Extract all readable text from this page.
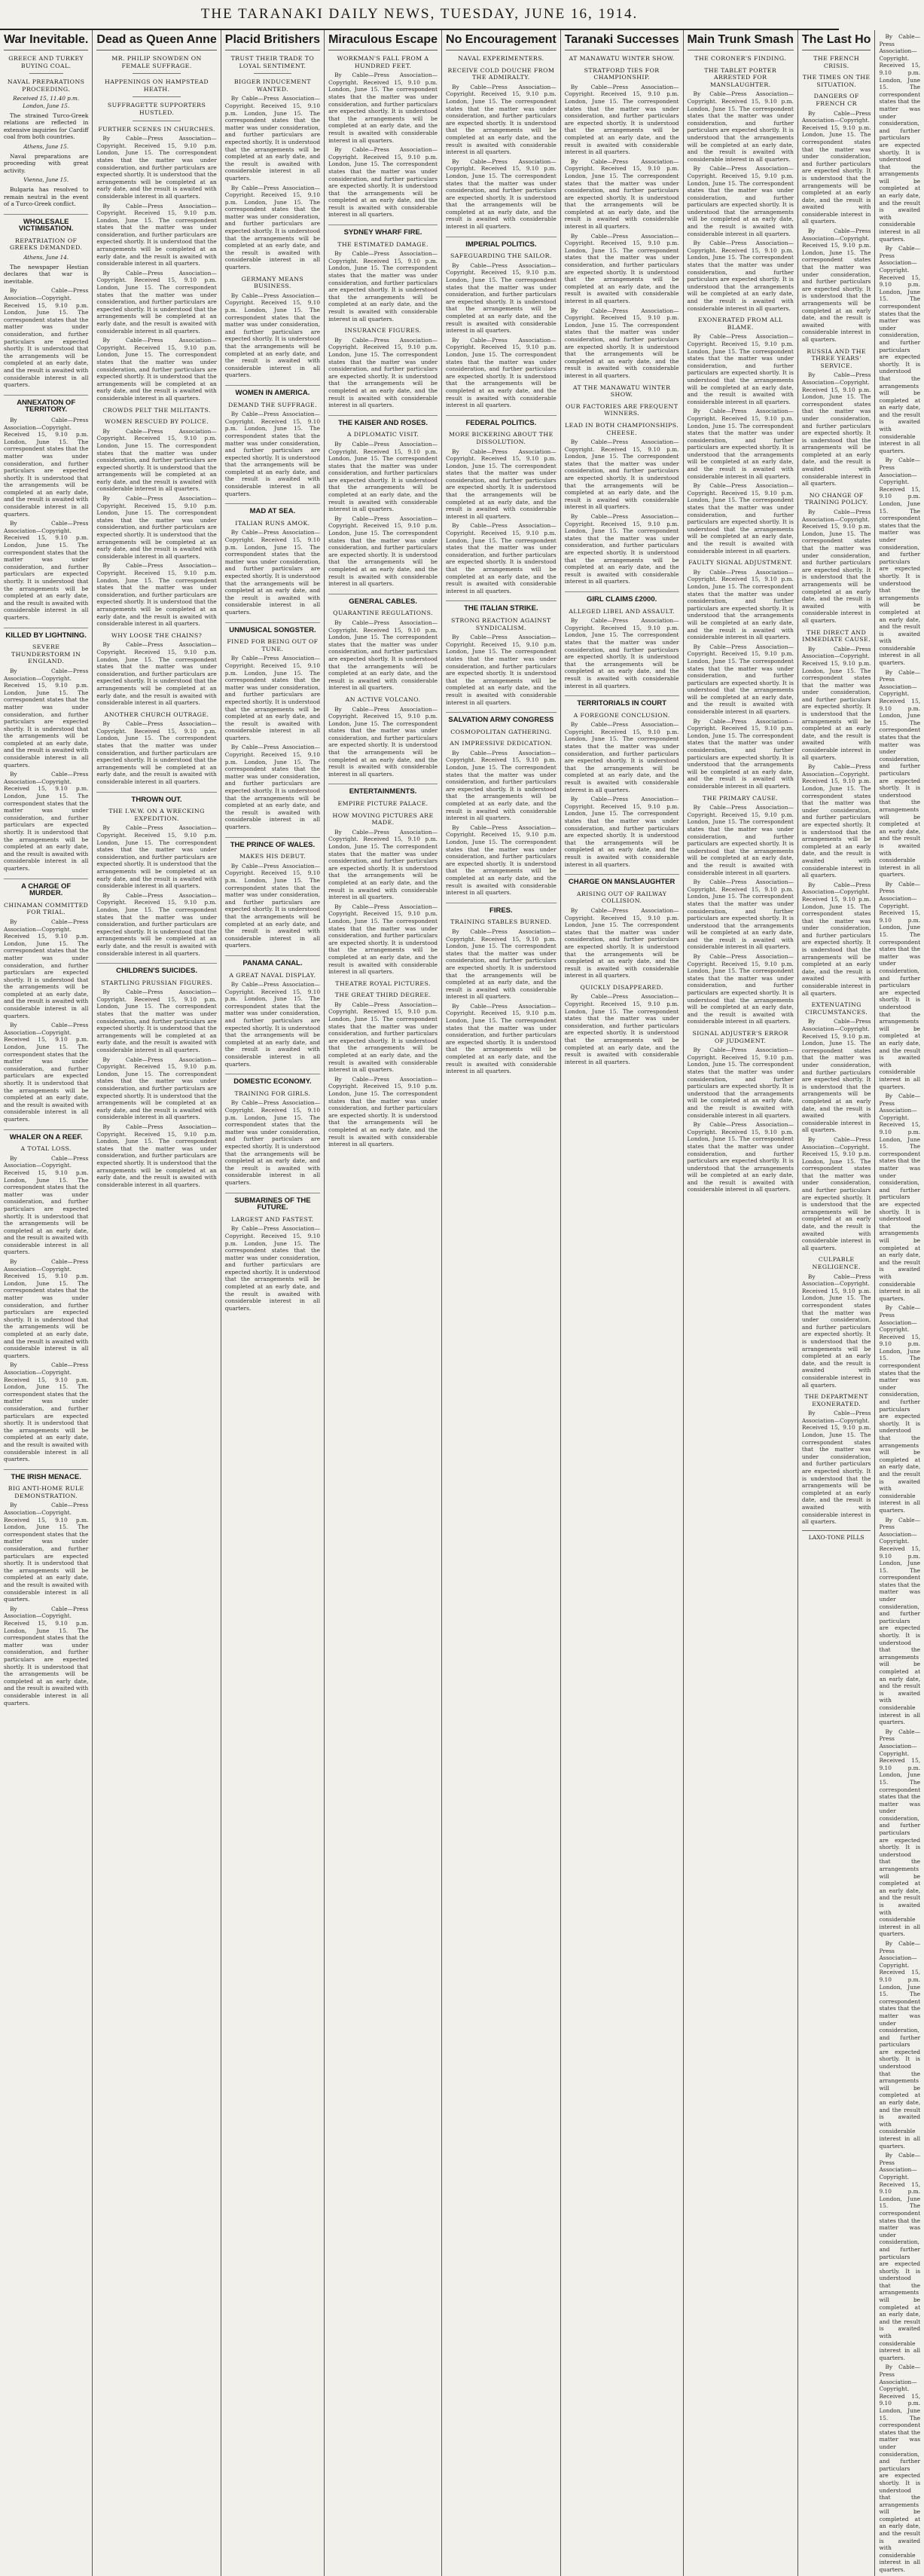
THE TARANAKI DAILY NEWS, TUESDAY, JUNE 16, 1914.
War Inevitable.
GREECE AND TURKEY BUYING COAL.
NAVAL PREPARATIONS PROCEEDING.
Received 15, 11.40 p.m. London, June 15.

The strained Turco-Greek relations are reflected in extensive inquiries for Cardiff coal from both countries.

Athens, June 15.

Naval preparations are proceeding with great activity.

Vienna, June 15.

Bulgaria has resolved to remain neutral in the event of a Turco-Greek conflict.

WHOLESALE VICTIMISATION.
REPATRIATION OF GREEKS DEMANDED.
Athens, June 14.

The newspaper Hestian declares that war is inevitable.

By Cable—Press Association—Copyright. Received 15, 9.10 p.m. London, June 15. The correspondent states that the matter was under consideration, and further particulars are expected shortly. It is understood that the arrangements will be completed at an early date, and the result is awaited with considerable interest in all quarters.

ANNEXATION OF TERRITORY.

By Cable—Press Association—Copyright. Received 15, 9.10 p.m. London, June 15. The correspondent states that the matter was under consideration, and further particulars are expected shortly. It is understood that the arrangements will be completed at an early date, and the result is awaited with considerable interest in all quarters.

By Cable—Press Association—Copyright. Received 15, 9.10 p.m. London, June 15. The correspondent states that the matter was under consideration, and further particulars are expected shortly. It is understood that the arrangements will be completed at an early date, and the result is awaited with considerable interest in all quarters.

KILLED BY LIGHTNING.
SEVERE THUNDERSTORM IN ENGLAND.

By Cable—Press Association—Copyright. Received 15, 9.10 p.m. London, June 15. The correspondent states that the matter was under consideration, and further particulars are expected shortly. It is understood that the arrangements will be completed at an early date, and the result is awaited with considerable interest in all quarters.

By Cable—Press Association—Copyright. Received 15, 9.10 p.m. London, June 15. The correspondent states that the matter was under consideration, and further particulars are expected shortly. It is understood that the arrangements will be completed at an early date, and the result is awaited with considerable interest in all quarters.

A CHARGE OF MURDER.
CHINAMAN COMMITTED FOR TRIAL.

By Cable—Press Association—Copyright. Received 15, 9.10 p.m. London, June 15. The correspondent states that the matter was under consideration, and further particulars are expected shortly. It is understood that the arrangements will be completed at an early date, and the result is awaited with considerable interest in all quarters.

By Cable—Press Association—Copyright. Received 15, 9.10 p.m. London, June 15. The correspondent states that the matter was under consideration, and further particulars are expected shortly. It is understood that the arrangements will be completed at an early date, and the result is awaited with considerable interest in all quarters.

WHALER ON A REEF.
A TOTAL LOSS.

By Cable—Press Association—Copyright. Received 15, 9.10 p.m. London, June 15. The correspondent states that the matter was under consideration, and further particulars are expected shortly. It is understood that the arrangements will be completed at an early date, and the result is awaited with considerable interest in all quarters.

By Cable—Press Association—Copyright. Received 15, 9.10 p.m. London, June 15. The correspondent states that the matter was under consideration, and further particulars are expected shortly. It is understood that the arrangements will be completed at an early date, and the result is awaited with considerable interest in all quarters.

By Cable—Press Association—Copyright. Received 15, 9.10 p.m. London, June 15. The correspondent states that the matter was under consideration, and further particulars are expected shortly. It is understood that the arrangements will be completed at an early date, and the result is awaited with considerable interest in all quarters.

THE IRISH MENACE.
BIG ANTI-HOME RULE DEMONSTRATION.

By Cable—Press Association—Copyright. Received 15, 9.10 p.m. London, June 15. The correspondent states that the matter was under consideration, and further particulars are expected shortly. It is understood that the arrangements will be completed at an early date, and the result is awaited with considerable interest in all quarters.

By Cable—Press Association—Copyright. Received 15, 9.10 p.m. London, June 15. The correspondent states that the matter was under consideration, and further particulars are expected shortly. It is understood that the arrangements will be completed at an early date, and the result is awaited with considerable interest in all quarters.

Dead as Queen Anne
MR. PHILIP SNOWDEN ON FEMALE SUFFRAGE.
HAPPENINGS ON HAMPSTEAD HEATH.
SUFFRAGETTE SUPPORTERS HUSTLED.
FURTHER SCENES IN CHURCHES.

By Cable—Press Association—Copyright. Received 15, 9.10 p.m. London, June 15. The correspondent states that the matter was under consideration, and further particulars are expected shortly. It is understood that the arrangements will be completed at an early date, and the result is awaited with considerable interest in all quarters.

By Cable—Press Association—Copyright. Received 15, 9.10 p.m. London, June 15. The correspondent states that the matter was under consideration, and further particulars are expected shortly. It is understood that the arrangements will be completed at an early date, and the result is awaited with considerable interest in all quarters.

By Cable—Press Association—Copyright. Received 15, 9.10 p.m. London, June 15. The correspondent states that the matter was under consideration, and further particulars are expected shortly. It is understood that the arrangements will be completed at an early date, and the result is awaited with considerable interest in all quarters.

By Cable—Press Association—Copyright. Received 15, 9.10 p.m. London, June 15. The correspondent states that the matter was under consideration, and further particulars are expected shortly. It is understood that the arrangements will be completed at an early date, and the result is awaited with considerable interest in all quarters.

CROWDS PELT THE MILITANTS.
WOMEN RESCUED BY POLICE.

By Cable—Press Association—Copyright. Received 15, 9.10 p.m. London, June 15. The correspondent states that the matter was under consideration, and further particulars are expected shortly. It is understood that the arrangements will be completed at an early date, and the result is awaited with considerable interest in all quarters.

By Cable—Press Association—Copyright. Received 15, 9.10 p.m. London, June 15. The correspondent states that the matter was under consideration, and further particulars are expected shortly. It is understood that the arrangements will be completed at an early date, and the result is awaited with considerable interest in all quarters.

By Cable—Press Association—Copyright. Received 15, 9.10 p.m. London, June 15. The correspondent states that the matter was under consideration, and further particulars are expected shortly. It is understood that the arrangements will be completed at an early date, and the result is awaited with considerable interest in all quarters.

WHY LOOSE THE CHAINS?

By Cable—Press Association—Copyright. Received 15, 9.10 p.m. London, June 15. The correspondent states that the matter was under consideration, and further particulars are expected shortly. It is understood that the arrangements will be completed at an early date, and the result is awaited with considerable interest in all quarters.

ANOTHER CHURCH OUTRAGE.

By Cable—Press Association—Copyright. Received 15, 9.10 p.m. London, June 15. The correspondent states that the matter was under consideration, and further particulars are expected shortly. It is understood that the arrangements will be completed at an early date, and the result is awaited with considerable interest in all quarters.

THROWN OUT.
THE I.W.W. ON A WRECKING EXPEDITION.

By Cable—Press Association—Copyright. Received 15, 9.10 p.m. London, June 15. The correspondent states that the matter was under consideration, and further particulars are expected shortly. It is understood that the arrangements will be completed at an early date, and the result is awaited with considerable interest in all quarters.

By Cable—Press Association—Copyright. Received 15, 9.10 p.m. London, June 15. The correspondent states that the matter was under consideration, and further particulars are expected shortly. It is understood that the arrangements will be completed at an early date, and the result is awaited with considerable interest in all quarters.

CHILDREN'S SUICIDES.
STARTLING PRUSSIAN FIGURES.

By Cable—Press Association—Copyright. Received 15, 9.10 p.m. London, June 15. The correspondent states that the matter was under consideration, and further particulars are expected shortly. It is understood that the arrangements will be completed at an early date, and the result is awaited with considerable interest in all quarters.

By Cable—Press Association—Copyright. Received 15, 9.10 p.m. London, June 15. The correspondent states that the matter was under consideration, and further particulars are expected shortly. It is understood that the arrangements will be completed at an early date, and the result is awaited with considerable interest in all quarters.

By Cable—Press Association—Copyright. Received 15, 9.10 p.m. London, June 15. The correspondent states that the matter was under consideration, and further particulars are expected shortly. It is understood that the arrangements will be completed at an early date, and the result is awaited with considerable interest in all quarters.

Placid Britishers
TRUST THEIR TRADE TO LOYAL SENTIMENT.
BIGGER INDUCEMENT WANTED.

By Cable—Press Association—Copyright. Received 15, 9.10 p.m. London, June 15. The correspondent states that the matter was under consideration, and further particulars are expected shortly. It is understood that the arrangements will be completed at an early date, and the result is awaited with considerable interest in all quarters.

By Cable—Press Association—Copyright. Received 15, 9.10 p.m. London, June 15. The correspondent states that the matter was under consideration, and further particulars are expected shortly. It is understood that the arrangements will be completed at an early date, and the result is awaited with considerable interest in all quarters.

GERMANY MEANS BUSINESS.

By Cable—Press Association—Copyright. Received 15, 9.10 p.m. London, June 15. The correspondent states that the matter was under consideration, and further particulars are expected shortly. It is understood that the arrangements will be completed at an early date, and the result is awaited with considerable interest in all quarters.

WOMEN IN AMERICA.
DEMAND THE SUFFRAGE.

By Cable—Press Association—Copyright. Received 15, 9.10 p.m. London, June 15. The correspondent states that the matter was under consideration, and further particulars are expected shortly. It is understood that the arrangements will be completed at an early date, and the result is awaited with considerable interest in all quarters.

MAD AT SEA.
ITALIAN RUNS AMOK.

By Cable—Press Association—Copyright. Received 15, 9.10 p.m. London, June 15. The correspondent states that the matter was under consideration, and further particulars are expected shortly. It is understood that the arrangements will be completed at an early date, and the result is awaited with considerable interest in all quarters.

UNMUSICAL SONGSTER.
FINED FOR BEING OUT OF TUNE.

By Cable—Press Association—Copyright. Received 15, 9.10 p.m. London, June 15. The correspondent states that the matter was under consideration, and further particulars are expected shortly. It is understood that the arrangements will be completed at an early date, and the result is awaited with considerable interest in all quarters.

By Cable—Press Association—Copyright. Received 15, 9.10 p.m. London, June 15. The correspondent states that the matter was under consideration, and further particulars are expected shortly. It is understood that the arrangements will be completed at an early date, and the result is awaited with considerable interest in all quarters.

THE PRINCE OF WALES.
MAKES HIS DEBUT.

By Cable—Press Association—Copyright. Received 15, 9.10 p.m. London, June 15. The correspondent states that the matter was under consideration, and further particulars are expected shortly. It is understood that the arrangements will be completed at an early date, and the result is awaited with considerable interest in all quarters.

PANAMA CANAL.
A GREAT NAVAL DISPLAY.

By Cable—Press Association—Copyright. Received 15, 9.10 p.m. London, June 15. The correspondent states that the matter was under consideration, and further particulars are expected shortly. It is understood that the arrangements will be completed at an early date, and the result is awaited with considerable interest in all quarters.

DOMESTIC ECONOMY.
TRAINING FOR GIRLS.

By Cable—Press Association—Copyright. Received 15, 9.10 p.m. London, June 15. The correspondent states that the matter was under consideration, and further particulars are expected shortly. It is understood that the arrangements will be completed at an early date, and the result is awaited with considerable interest in all quarters.

SUBMARINES OF THE FUTURE.
LARGEST AND FASTEST.

By Cable—Press Association—Copyright. Received 15, 9.10 p.m. London, June 15. The correspondent states that the matter was under consideration, and further particulars are expected shortly. It is understood that the arrangements will be completed at an early date, and the result is awaited with considerable interest in all quarters.

Miraculous Escape
WORKMAN'S FALL FROM A HUNDRED FEET.

By Cable—Press Association—Copyright. Received 15, 9.10 p.m. London, June 15. The correspondent states that the matter was under consideration, and further particulars are expected shortly. It is understood that the arrangements will be completed at an early date, and the result is awaited with considerable interest in all quarters.

By Cable—Press Association—Copyright. Received 15, 9.10 p.m. London, June 15. The correspondent states that the matter was under consideration, and further particulars are expected shortly. It is understood that the arrangements will be completed at an early date, and the result is awaited with considerable interest in all quarters.

SYDNEY WHARF FIRE.
THE ESTIMATED DAMAGE.

By Cable—Press Association—Copyright. Received 15, 9.10 p.m. London, June 15. The correspondent states that the matter was under consideration, and further particulars are expected shortly. It is understood that the arrangements will be completed at an early date, and the result is awaited with considerable interest in all quarters.

INSURANCE FIGURES.

By Cable—Press Association—Copyright. Received 15, 9.10 p.m. London, June 15. The correspondent states that the matter was under consideration, and further particulars are expected shortly. It is understood that the arrangements will be completed at an early date, and the result is awaited with considerable interest in all quarters.

THE KAISER AND ROSES.
A DIPLOMATIC VISIT.

By Cable—Press Association—Copyright. Received 15, 9.10 p.m. London, June 15. The correspondent states that the matter was under consideration, and further particulars are expected shortly. It is understood that the arrangements will be completed at an early date, and the result is awaited with considerable interest in all quarters.

By Cable—Press Association—Copyright. Received 15, 9.10 p.m. London, June 15. The correspondent states that the matter was under consideration, and further particulars are expected shortly. It is understood that the arrangements will be completed at an early date, and the result is awaited with considerable interest in all quarters.

GENERAL CABLES.
QUARANTINE REGULATIONS.

By Cable—Press Association—Copyright. Received 15, 9.10 p.m. London, June 15. The correspondent states that the matter was under consideration, and further particulars are expected shortly. It is understood that the arrangements will be completed at an early date, and the result is awaited with considerable interest in all quarters.

AN ACTIVE VOLCANO.

By Cable—Press Association—Copyright. Received 15, 9.10 p.m. London, June 15. The correspondent states that the matter was under consideration, and further particulars are expected shortly. It is understood that the arrangements will be completed at an early date, and the result is awaited with considerable interest in all quarters.

ENTERTAINMENTS.
EMPIRE PICTURE PALACE.
HOW MOVING PICTURES ARE MADE.

By Cable—Press Association—Copyright. Received 15, 9.10 p.m. London, June 15. The correspondent states that the matter was under consideration, and further particulars are expected shortly. It is understood that the arrangements will be completed at an early date, and the result is awaited with considerable interest in all quarters.

By Cable—Press Association—Copyright. Received 15, 9.10 p.m. London, June 15. The correspondent states that the matter was under consideration, and further particulars are expected shortly. It is understood that the arrangements will be completed at an early date, and the result is awaited with considerable interest in all quarters.

THEATRE ROYAL PICTURES.
THE GREAT THIRD DEGREE.

By Cable—Press Association—Copyright. Received 15, 9.10 p.m. London, June 15. The correspondent states that the matter was under consideration, and further particulars are expected shortly. It is understood that the arrangements will be completed at an early date, and the result is awaited with considerable interest in all quarters.

By Cable—Press Association—Copyright. Received 15, 9.10 p.m. London, June 15. The correspondent states that the matter was under consideration, and further particulars are expected shortly. It is understood that the arrangements will be completed at an early date, and the result is awaited with considerable interest in all quarters.

No Encouragement
NAVAL EXPERIMENTERS.
RECEIVE COLD DOUCHE FROM THE ADMIRALTY.

By Cable—Press Association—Copyright. Received 15, 9.10 p.m. London, June 15. The correspondent states that the matter was under consideration, and further particulars are expected shortly. It is understood that the arrangements will be completed at an early date, and the result is awaited with considerable interest in all quarters.

By Cable—Press Association—Copyright. Received 15, 9.10 p.m. London, June 15. The correspondent states that the matter was under consideration, and further particulars are expected shortly. It is understood that the arrangements will be completed at an early date, and the result is awaited with considerable interest in all quarters.

IMPERIAL POLITICS.
SAFEGUARDING THE SAILOR.

By Cable—Press Association—Copyright. Received 15, 9.10 p.m. London, June 15. The correspondent states that the matter was under consideration, and further particulars are expected shortly. It is understood that the arrangements will be completed at an early date, and the result is awaited with considerable interest in all quarters.

By Cable—Press Association—Copyright. Received 15, 9.10 p.m. London, June 15. The correspondent states that the matter was under consideration, and further particulars are expected shortly. It is understood that the arrangements will be completed at an early date, and the result is awaited with considerable interest in all quarters.

FEDERAL POLITICS.
MORE BICKERING ABOUT THE DISSOLUTION.

By Cable—Press Association—Copyright. Received 15, 9.10 p.m. London, June 15. The correspondent states that the matter was under consideration, and further particulars are expected shortly. It is understood that the arrangements will be completed at an early date, and the result is awaited with considerable interest in all quarters.

By Cable—Press Association—Copyright. Received 15, 9.10 p.m. London, June 15. The correspondent states that the matter was under consideration, and further particulars are expected shortly. It is understood that the arrangements will be completed at an early date, and the result is awaited with considerable interest in all quarters.

THE ITALIAN STRIKE.
STRONG REACTION AGAINST SYNDICALISM.

By Cable—Press Association—Copyright. Received 15, 9.10 p.m. London, June 15. The correspondent states that the matter was under consideration, and further particulars are expected shortly. It is understood that the arrangements will be completed at an early date, and the result is awaited with considerable interest in all quarters.

SALVATION ARMY CONGRESS
COSMOPOLITAN GATHERING.
AN IMPRESSIVE DEDICATION.

By Cable—Press Association—Copyright. Received 15, 9.10 p.m. London, June 15. The correspondent states that the matter was under consideration, and further particulars are expected shortly. It is understood that the arrangements will be completed at an early date, and the result is awaited with considerable interest in all quarters.

By Cable—Press Association—Copyright. Received 15, 9.10 p.m. London, June 15. The correspondent states that the matter was under consideration, and further particulars are expected shortly. It is understood that the arrangements will be completed at an early date, and the result is awaited with considerable interest in all quarters.

FIRES.
TRAINING STABLES BURNED.

By Cable—Press Association—Copyright. Received 15, 9.10 p.m. London, June 15. The correspondent states that the matter was under consideration, and further particulars are expected shortly. It is understood that the arrangements will be completed at an early date, and the result is awaited with considerable interest in all quarters.

By Cable—Press Association—Copyright. Received 15, 9.10 p.m. London, June 15. The correspondent states that the matter was under consideration, and further particulars are expected shortly. It is understood that the arrangements will be completed at an early date, and the result is awaited with considerable interest in all quarters.

Taranaki Successes
AT MANAWATU WINTER SHOW.
STRATFORD TIES FOR CHAMPIONSHIP.

By Cable—Press Association—Copyright. Received 15, 9.10 p.m. London, June 15. The correspondent states that the matter was under consideration, and further particulars are expected shortly. It is understood that the arrangements will be completed at an early date, and the result is awaited with considerable interest in all quarters.

By Cable—Press Association—Copyright. Received 15, 9.10 p.m. London, June 15. The correspondent states that the matter was under consideration, and further particulars are expected shortly. It is understood that the arrangements will be completed at an early date, and the result is awaited with considerable interest in all quarters.

By Cable—Press Association—Copyright. Received 15, 9.10 p.m. London, June 15. The correspondent states that the matter was under consideration, and further particulars are expected shortly. It is understood that the arrangements will be completed at an early date, and the result is awaited with considerable interest in all quarters.

By Cable—Press Association—Copyright. Received 15, 9.10 p.m. London, June 15. The correspondent states that the matter was under consideration, and further particulars are expected shortly. It is understood that the arrangements will be completed at an early date, and the result is awaited with considerable interest in all quarters.

AT THE MANAWATU WINTER SHOW.
OUR FACTORIES ARE FREQUENT WINNERS.
LEAD IN BOTH CHAMPIONSHIPS. CHEESE.

By Cable—Press Association—Copyright. Received 15, 9.10 p.m. London, June 15. The correspondent states that the matter was under consideration, and further particulars are expected shortly. It is understood that the arrangements will be completed at an early date, and the result is awaited with considerable interest in all quarters.

By Cable—Press Association—Copyright. Received 15, 9.10 p.m. London, June 15. The correspondent states that the matter was under consideration, and further particulars are expected shortly. It is understood that the arrangements will be completed at an early date, and the result is awaited with considerable interest in all quarters.

GIRL CLAIMS £2000.
ALLEGED LIBEL AND ASSAULT.

By Cable—Press Association—Copyright. Received 15, 9.10 p.m. London, June 15. The correspondent states that the matter was under consideration, and further particulars are expected shortly. It is understood that the arrangements will be completed at an early date, and the result is awaited with considerable interest in all quarters.

TERRITORIALS IN COURT
A FOREGONE CONCLUSION.

By Cable—Press Association—Copyright. Received 15, 9.10 p.m. London, June 15. The correspondent states that the matter was under consideration, and further particulars are expected shortly. It is understood that the arrangements will be completed at an early date, and the result is awaited with considerable interest in all quarters.

By Cable—Press Association—Copyright. Received 15, 9.10 p.m. London, June 15. The correspondent states that the matter was under consideration, and further particulars are expected shortly. It is understood that the arrangements will be completed at an early date, and the result is awaited with considerable interest in all quarters.

CHARGE ON MANSLAUGHTER
ARISING OUT OF RAILWAY COLLISION.

By Cable—Press Association—Copyright. Received 15, 9.10 p.m. London, June 15. The correspondent states that the matter was under consideration, and further particulars are expected shortly. It is understood that the arrangements will be completed at an early date, and the result is awaited with considerable interest in all quarters.

QUICKLY DISAPPEARED.

By Cable—Press Association—Copyright. Received 15, 9.10 p.m. London, June 15. The correspondent states that the matter was under consideration, and further particulars are expected shortly. It is understood that the arrangements will be completed at an early date, and the result is awaited with considerable interest in all quarters.

Main Trunk Smash
THE CORONER'S FINDING.
THE TABLET PORTER ARRESTED FOR MANSLAUGHTER.

By Cable—Press Association—Copyright. Received 15, 9.10 p.m. London, June 15. The correspondent states that the matter was under consideration, and further particulars are expected shortly. It is understood that the arrangements will be completed at an early date, and the result is awaited with considerable interest in all quarters.

By Cable—Press Association—Copyright. Received 15, 9.10 p.m. London, June 15. The correspondent states that the matter was under consideration, and further particulars are expected shortly. It is understood that the arrangements will be completed at an early date, and the result is awaited with considerable interest in all quarters.

By Cable—Press Association—Copyright. Received 15, 9.10 p.m. London, June 15. The correspondent states that the matter was under consideration, and further particulars are expected shortly. It is understood that the arrangements will be completed at an early date, and the result is awaited with considerable interest in all quarters.

EXONERATED FROM ALL BLAME.

By Cable—Press Association—Copyright. Received 15, 9.10 p.m. London, June 15. The correspondent states that the matter was under consideration, and further particulars are expected shortly. It is understood that the arrangements will be completed at an early date, and the result is awaited with considerable interest in all quarters.

By Cable—Press Association—Copyright. Received 15, 9.10 p.m. London, June 15. The correspondent states that the matter was under consideration, and further particulars are expected shortly. It is understood that the arrangements will be completed at an early date, and the result is awaited with considerable interest in all quarters.

By Cable—Press Association—Copyright. Received 15, 9.10 p.m. London, June 15. The correspondent states that the matter was under consideration, and further particulars are expected shortly. It is understood that the arrangements will be completed at an early date, and the result is awaited with considerable interest in all quarters.

FAULTY SIGNAL ADJUSTMENT.

By Cable—Press Association—Copyright. Received 15, 9.10 p.m. London, June 15. The correspondent states that the matter was under consideration, and further particulars are expected shortly. It is understood that the arrangements will be completed at an early date, and the result is awaited with considerable interest in all quarters.

By Cable—Press Association—Copyright. Received 15, 9.10 p.m. London, June 15. The correspondent states that the matter was under consideration, and further particulars are expected shortly. It is understood that the arrangements will be completed at an early date, and the result is awaited with considerable interest in all quarters.

By Cable—Press Association—Copyright. Received 15, 9.10 p.m. London, June 15. The correspondent states that the matter was under consideration, and further particulars are expected shortly. It is understood that the arrangements will be completed at an early date, and the result is awaited with considerable interest in all quarters.

THE PRIMARY CAUSE.

By Cable—Press Association—Copyright. Received 15, 9.10 p.m. London, June 15. The correspondent states that the matter was under consideration, and further particulars are expected shortly. It is understood that the arrangements will be completed at an early date, and the result is awaited with considerable interest in all quarters.

By Cable—Press Association—Copyright. Received 15, 9.10 p.m. London, June 15. The correspondent states that the matter was under consideration, and further particulars are expected shortly. It is understood that the arrangements will be completed at an early date, and the result is awaited with considerable interest in all quarters.

By Cable—Press Association—Copyright. Received 15, 9.10 p.m. London, June 15. The correspondent states that the matter was under consideration, and further particulars are expected shortly. It is understood that the arrangements will be completed at an early date, and the result is awaited with considerable interest in all quarters.

SIGNAL ADJUSTER'S ERROR OF JUDGMENT.

By Cable—Press Association—Copyright. Received 15, 9.10 p.m. London, June 15. The correspondent states that the matter was under consideration, and further particulars are expected shortly. It is understood that the arrangements will be completed at an early date, and the result is awaited with considerable interest in all quarters.

By Cable—Press Association—Copyright. Received 15, 9.10 p.m. London, June 15. The correspondent states that the matter was under consideration, and further particulars are expected shortly. It is understood that the arrangements will be completed at an early date, and the result is awaited with considerable interest in all quarters.

The Last Ho
THE FRENCH CRISIS.
THE TIMES ON THE SITUATION.
DANGERS OF FRENCH CR

By Cable—Press Association—Copyright. Received 15, 9.10 p.m. London, June 15. The correspondent states that the matter was under consideration, and further particulars are expected shortly. It is understood that the arrangements will be completed at an early date, and the result is awaited with considerable interest in all quarters.

By Cable—Press Association—Copyright. Received 15, 9.10 p.m. London, June 15. The correspondent states that the matter was under consideration, and further particulars are expected shortly. It is understood that the arrangements will be completed at an early date, and the result is awaited with considerable interest in all quarters.

RUSSIA AND THE THREE YEARS' SERVICE.

By Cable—Press Association—Copyright. Received 15, 9.10 p.m. London, June 15. The correspondent states that the matter was under consideration, and further particulars are expected shortly. It is understood that the arrangements will be completed at an early date, and the result is awaited with considerable interest in all quarters.

NO CHANGE OF TRAINING POLICY.

By Cable—Press Association—Copyright. Received 15, 9.10 p.m. London, June 15. The correspondent states that the matter was under consideration, and further particulars are expected shortly. It is understood that the arrangements will be completed at an early date, and the result is awaited with considerable interest in all quarters.

THE DIRECT AND IMMEDIATE CAUSE.

By Cable—Press Association—Copyright. Received 15, 9.10 p.m. London, June 15. The correspondent states that the matter was under consideration, and further particulars are expected shortly. It is understood that the arrangements will be completed at an early date, and the result is awaited with considerable interest in all quarters.

By Cable—Press Association—Copyright. Received 15, 9.10 p.m. London, June 15. The correspondent states that the matter was under consideration, and further particulars are expected shortly. It is understood that the arrangements will be completed at an early date, and the result is awaited with considerable interest in all quarters.

By Cable—Press Association—Copyright. Received 15, 9.10 p.m. London, June 15. The correspondent states that the matter was under consideration, and further particulars are expected shortly. It is understood that the arrangements will be completed at an early date, and the result is awaited with considerable interest in all quarters.

EXTENUATING CIRCUMSTANCES.

By Cable—Press Association—Copyright. Received 15, 9.10 p.m. London, June 15. The correspondent states that the matter was under consideration, and further particulars are expected shortly. It is understood that the arrangements will be completed at an early date, and the result is awaited with considerable interest in all quarters.

By Cable—Press Association—Copyright. Received 15, 9.10 p.m. London, June 15. The correspondent states that the matter was under consideration, and further particulars are expected shortly. It is understood that the arrangements will be completed at an early date, and the result is awaited with considerable interest in all quarters.

CULPABLE NEGLIGENCE.

By Cable—Press Association—Copyright. Received 15, 9.10 p.m. London, June 15. The correspondent states that the matter was under consideration, and further particulars are expected shortly. It is understood that the arrangements will be completed at an early date, and the result is awaited with considerable interest in all quarters.

THE DEPARTMENT EXONERATED.

By Cable—Press Association—Copyright. Received 15, 9.10 p.m. London, June 15. The correspondent states that the matter was under consideration, and further particulars are expected shortly. It is understood that the arrangements will be completed at an early date, and the result is awaited with considerable interest in all quarters.

LAXO-TONE PILLS

By Cable—Press Association—Copyright. Received 15, 9.10 p.m. London, June 15. The correspondent states that the matter was under consideration, and further particulars are expected shortly. It is understood that the arrangements will be completed at an early date, and the result is awaited with considerable interest in all quarters.

By Cable—Press Association—Copyright. Received 15, 9.10 p.m. London, June 15. The correspondent states that the matter was under consideration, and further particulars are expected shortly. It is understood that the arrangements will be completed at an early date, and the result is awaited with considerable interest in all quarters.

By Cable—Press Association—Copyright. Received 15, 9.10 p.m. London, June 15. The correspondent states that the matter was under consideration, and further particulars are expected shortly. It is understood that the arrangements will be completed at an early date, and the result is awaited with considerable interest in all quarters.

By Cable—Press Association—Copyright. Received 15, 9.10 p.m. London, June 15. The correspondent states that the matter was under consideration, and further particulars are expected shortly. It is understood that the arrangements will be completed at an early date, and the result is awaited with considerable interest in all quarters.

By Cable—Press Association—Copyright. Received 15, 9.10 p.m. London, June 15. The correspondent states that the matter was under consideration, and further particulars are expected shortly. It is understood that the arrangements will be completed at an early date, and the result is awaited with considerable interest in all quarters.

By Cable—Press Association—Copyright. Received 15, 9.10 p.m. London, June 15. The correspondent states that the matter was under consideration, and further particulars are expected shortly. It is understood that the arrangements will be completed at an early date, and the result is awaited with considerable interest in all quarters.

By Cable—Press Association—Copyright. Received 15, 9.10 p.m. London, June 15. The correspondent states that the matter was under consideration, and further particulars are expected shortly. It is understood that the arrangements will be completed at an early date, and the result is awaited with considerable interest in all quarters.

By Cable—Press Association—Copyright. Received 15, 9.10 p.m. London, June 15. The correspondent states that the matter was under consideration, and further particulars are expected shortly. It is understood that the arrangements will be completed at an early date, and the result is awaited with considerable interest in all quarters.

By Cable—Press Association—Copyright. Received 15, 9.10 p.m. London, June 15. The correspondent states that the matter was under consideration, and further particulars are expected shortly. It is understood that the arrangements will be completed at an early date, and the result is awaited with considerable interest in all quarters.

By Cable—Press Association—Copyright. Received 15, 9.10 p.m. London, June 15. The correspondent states that the matter was under consideration, and further particulars are expected shortly. It is understood that the arrangements will be completed at an early date, and the result is awaited with considerable interest in all quarters.

By Cable—Press Association—Copyright. Received 15, 9.10 p.m. London, June 15. The correspondent states that the matter was under consideration, and further particulars are expected shortly. It is understood that the arrangements will be completed at an early date, and the result is awaited with considerable interest in all quarters.

By Cable—Press Association—Copyright. Received 15, 9.10 p.m. London, June 15. The correspondent states that the matter was under consideration, and further particulars are expected shortly. It is understood that the arrangements will be completed at an early date, and the result is awaited with considerable interest in all quarters.
